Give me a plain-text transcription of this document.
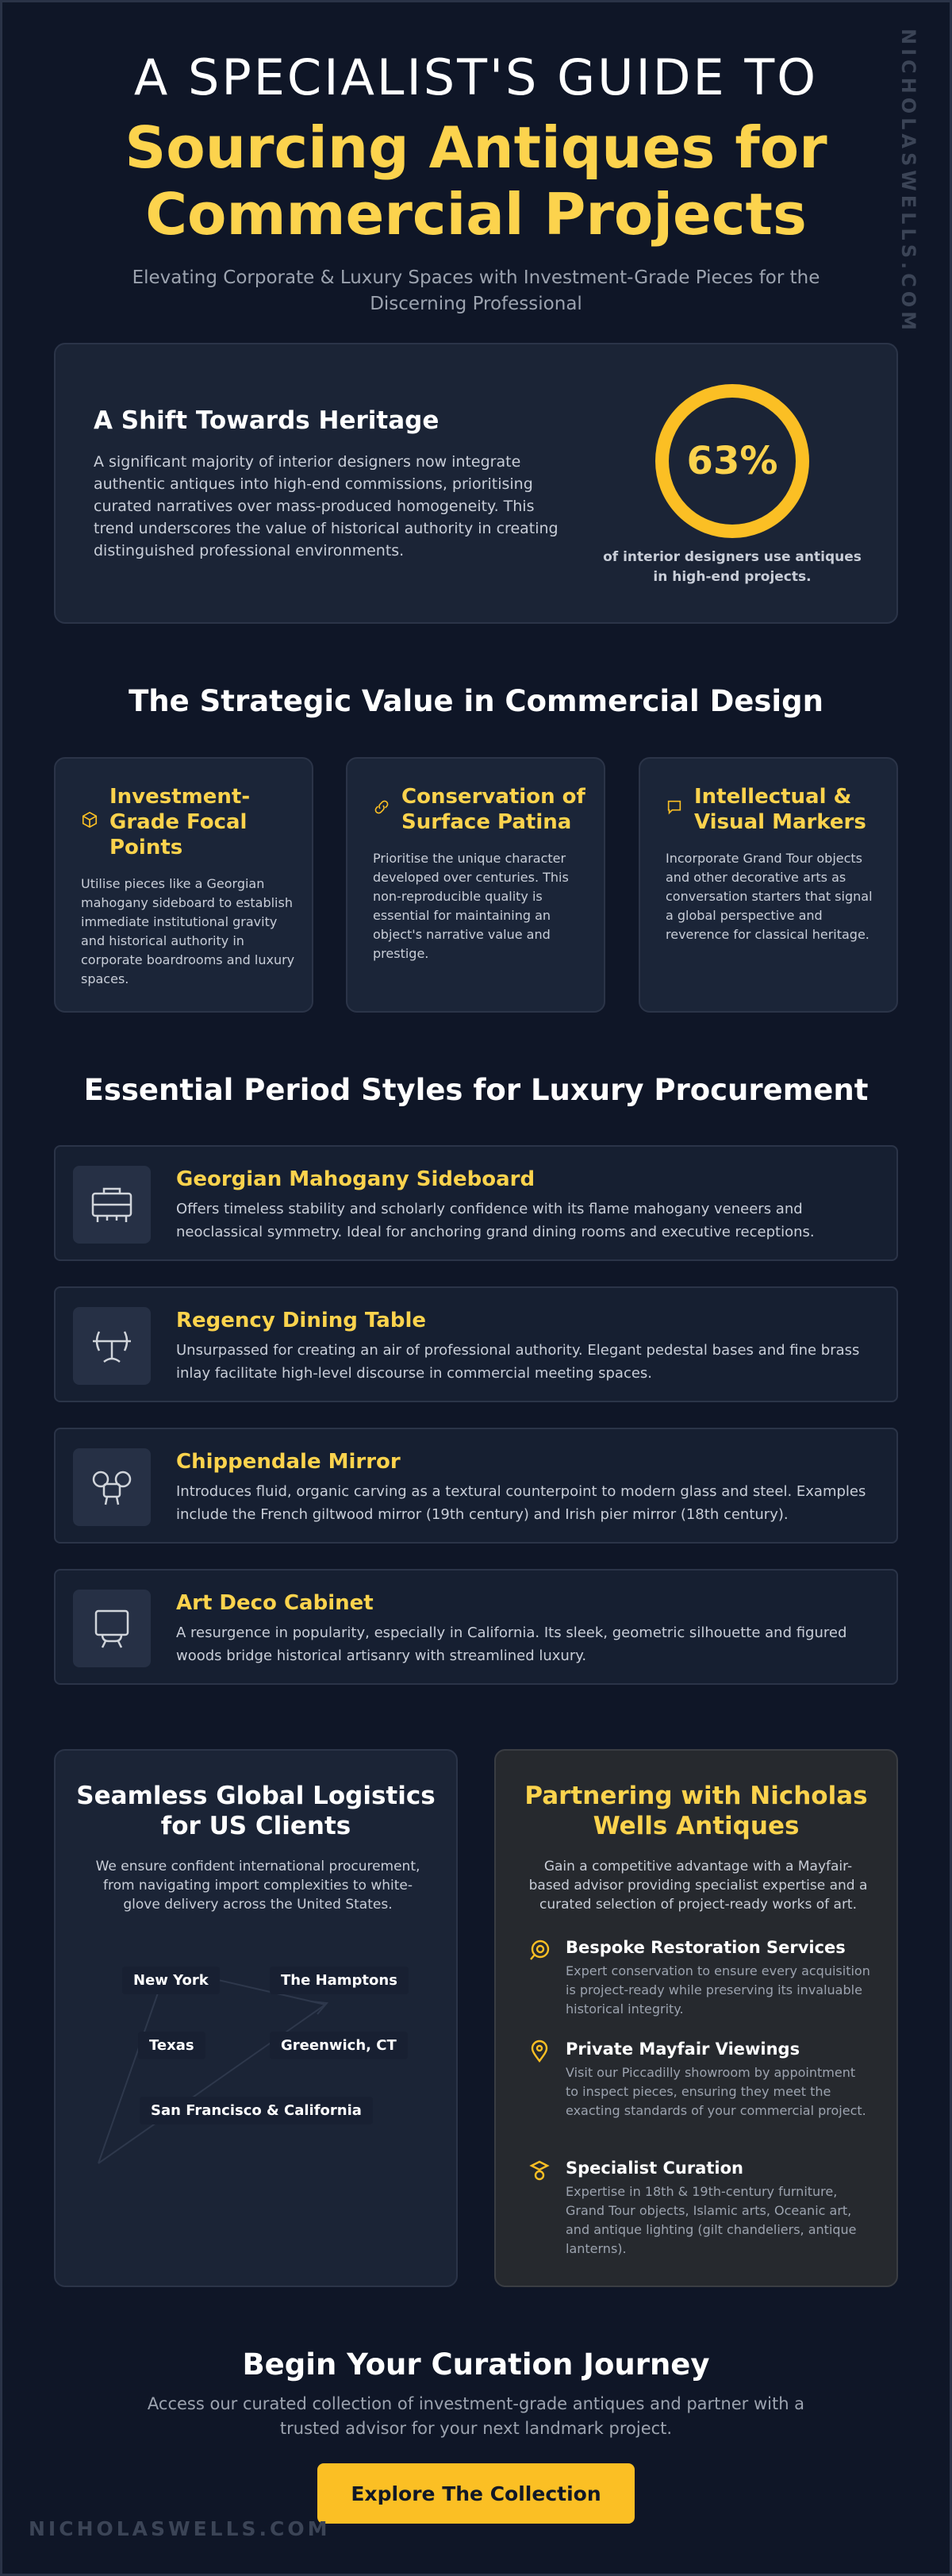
NICHOLASWELLS.COM
A SPECIALIST'S GUIDE TO
Sourcing Antiques for
Commercial Projects
Elevating Corporate & Luxury Spaces with Investment-Grade Pieces for the Discerning Professional
A Shift Towards Heritage

A significant majority of interior designers now integrate authentic antiques into high-end commissions, prioritising curated narratives over mass-produced homogeneity. This trend underscores the value of historical authority in creating distinguished professional environments.

63%
of interior designers use antiques in high-end projects.
The Strategic Value in Commercial Design
Investment-Grade Focal Points

Utilise pieces like a Georgian mahogany sideboard to establish immediate institutional gravity and historical authority in corporate boardrooms and luxury spaces.

Conservation of Surface Patina

Prioritise the unique character developed over centuries. This non-reproducible quality is essential for maintaining an object's narrative value and prestige.

Intellectual & Visual Markers

Incorporate Grand Tour objects and other decorative arts as conversation starters that signal a global perspective and reverence for classical heritage.

Essential Period Styles for Luxury Procurement
Georgian Mahogany Sideboard

Offers timeless stability and scholarly confidence with its flame mahogany veneers and neoclassical symmetry. Ideal for anchoring grand dining rooms and executive receptions.

Regency Dining Table

Unsurpassed for creating an air of professional authority. Elegant pedestal bases and fine brass inlay facilitate high-level discourse in commercial meeting spaces.

Chippendale Mirror

Introduces fluid, organic carving as a textural counterpoint to modern glass and steel. Examples include the French giltwood mirror (19th century) and Irish pier mirror (18th century).

Art Deco Cabinet

A resurgence in popularity, especially in California. Its sleek, geometric silhouette and figured woods bridge historical artisanry with streamlined luxury.

Seamless Global Logistics for US Clients

We ensure confident international procurement, from navigating import complexities to white-glove delivery across the United States.

New York	The Hamptons
Texas	Greenwich, CT
San Francisco & California
Partnering with Nicholas Wells Antiques

Gain a competitive advantage with a Mayfair-based advisor providing specialist expertise and a curated selection of project-ready works of art.

Bespoke Restoration Services

Expert conservation to ensure every acquisition is project-ready while preserving its invaluable historical integrity.

Private Mayfair Viewings

Visit our Piccadilly showroom by appointment to inspect pieces, ensuring they meet the exacting standards of your commercial project.

Specialist Curation

Expertise in 18th & 19th-century furniture, Grand Tour objects, Islamic arts, Oceanic art, and antique lighting (gilt chandeliers, antique lanterns).

Begin Your Curation Journey

Access our curated collection of investment-grade antiques and partner with a trusted advisor for your next landmark project.

Explore The Collection
NICHOLASWELLS.COM
